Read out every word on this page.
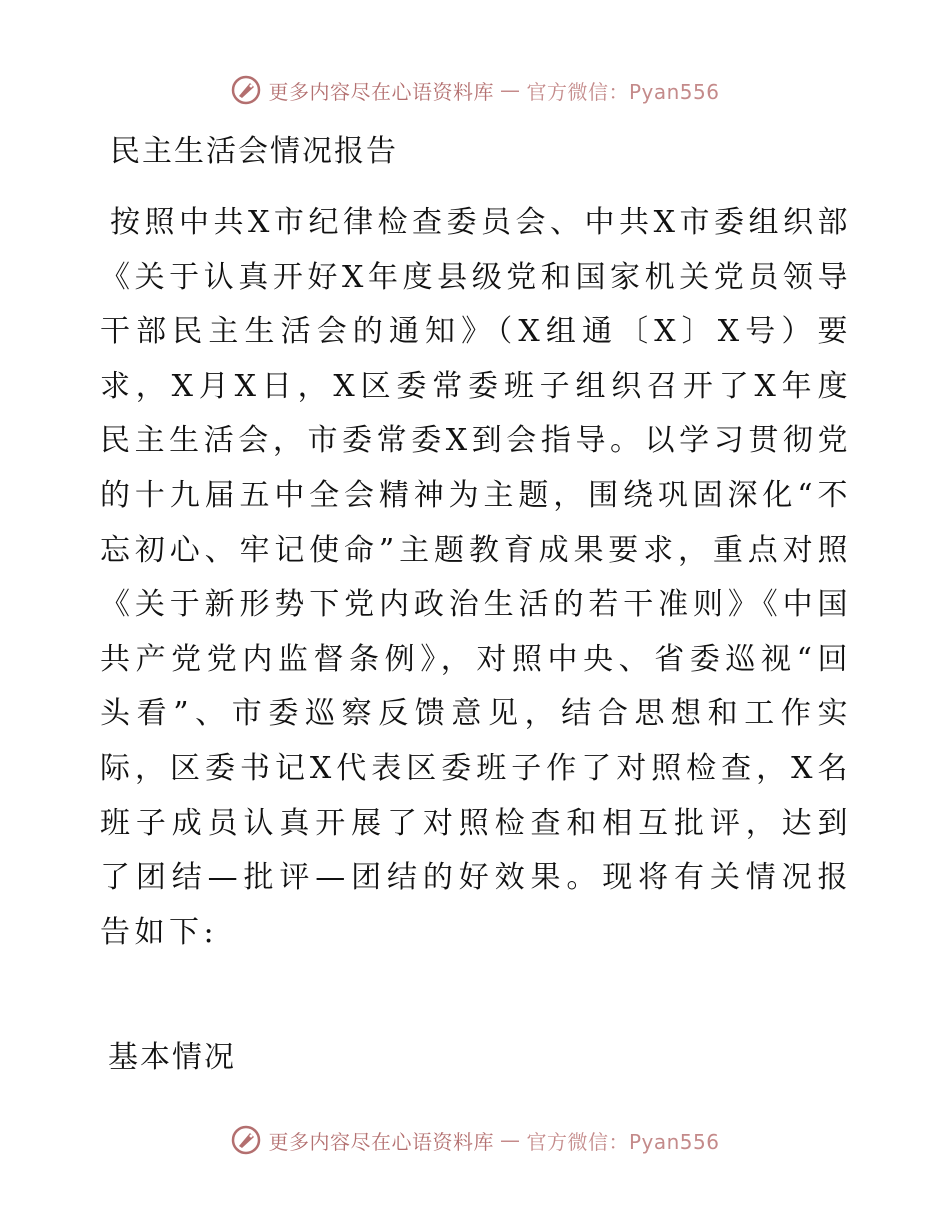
更多内容尽在心语资料库 — 官方微信：Pyan556
民主生活会情况报告
按照中共X市纪律检查委员会、中共X市委组织部《关于认真开好X年度县级党和国家机关党员领导干部民主生活会的通知》（X组通〔X〕X号）要求，X月X日，X区委常委班子组织召开了X年度民主生活会，市委常委X到会指导。以学习贯彻党的十九届五中全会精神为主题，围绕巩固深化“不忘初心、牢记使命”主题教育成果要求，重点对照《关于新形势下党内政治生活的若干准则》《中国共产党党内监督条例》，对照中央、省委巡视“回头看”、市委巡察反馈意见，结合思想和工作实际，区委书记X代表区委班子作了对照检查，X名班子成员认真开展了对照检查和相互批评，达到了团结—批评—团结的好效果。现将有关情况报告如下:
基本情况
更多内容尽在心语资料库 — 官方微信：Pyan556
